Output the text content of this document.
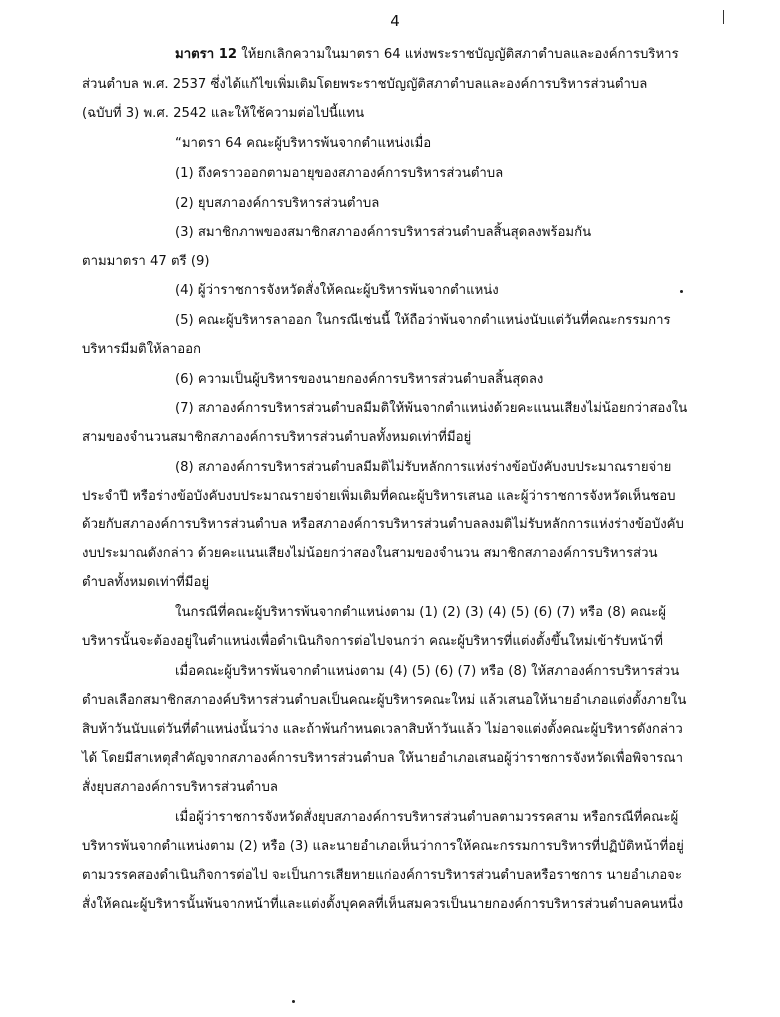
4
มาตรา 12 ให้ยกเลิกความในมาตรา 64 แห่งพระราชบัญญัติสภาตำบลและองค์การบริหาร
ส่วนตำบล พ.ศ. 2537 ซึ่งได้แก้ไขเพิ่มเติมโดยพระราชบัญญัติสภาตำบลและองค์การบริหารส่วนตำบล
(ฉบับที่ 3) พ.ศ. 2542 และให้ใช้ความต่อไปนี้แทน
“มาตรา 64 คณะผู้บริหารพ้นจากตำแหน่งเมื่อ
(1) ถึงคราวออกตามอายุของสภาองค์การบริหารส่วนตำบล
(2) ยุบสภาองค์การบริหารส่วนตำบล
(3) สมาชิกภาพของสมาชิกสภาองค์การบริหารส่วนตำบลสิ้นสุดลงพร้อมกัน
ตามมาตรา 47 ตรี (9)
(4) ผู้ว่าราชการจังหวัดสั่งให้คณะผู้บริหารพ้นจากตำแหน่ง
(5) คณะผู้บริหารลาออก ในกรณีเช่นนี้ ให้ถือว่าพ้นจากตำแหน่งนับแต่วันที่คณะกรรมการ
บริหารมีมติให้ลาออก
(6) ความเป็นผู้บริหารของนายกองค์การบริหารส่วนตำบลสิ้นสุดลง
(7) สภาองค์การบริหารส่วนตำบลมีมติให้พ้นจากตำแหน่งด้วยคะแนนเสียงไม่น้อยกว่าสองใน
สามของจำนวนสมาชิกสภาองค์การบริหารส่วนตำบลทั้งหมดเท่าที่มีอยู่
(8) สภาองค์การบริหารส่วนตำบลมีมติไม่รับหลักการแห่งร่างข้อบังคับงบประมาณรายจ่าย
ประจำปี หรือร่างข้อบังคับงบประมาณรายจ่ายเพิ่มเติมที่คณะผู้บริหารเสนอ และผู้ว่าราชการจังหวัดเห็นชอบ
ด้วยกับสภาองค์การบริหารส่วนตำบล หรือสภาองค์การบริหารส่วนตำบลลงมติไม่รับหลักการแห่งร่างข้อบังคับ
งบประมาณดังกล่าว ด้วยคะแนนเสียงไม่น้อยกว่าสองในสามของจำนวน สมาชิกสภาองค์การบริหารส่วน
ตำบลทั้งหมดเท่าที่มีอยู่
ในกรณีที่คณะผู้บริหารพ้นจากตำแหน่งตาม (1) (2) (3) (4) (5) (6) (7) หรือ (8) คณะผู้
บริหารนั้นจะต้องอยู่ในตำแหน่งเพื่อดำเนินกิจการต่อไปจนกว่า คณะผู้บริหารที่แต่งตั้งขึ้นใหม่เข้ารับหน้าที่
เมื่อคณะผู้บริหารพ้นจากตำแหน่งตาม (4) (5) (6) (7) หรือ (8) ให้สภาองค์การบริหารส่วน
ตำบลเลือกสมาชิกสภาองค์บริหารส่วนตำบลเป็นคณะผู้บริหารคณะใหม่ แล้วเสนอให้นายอำเภอแต่งตั้งภายใน
สิบห้าวันนับแต่วันที่ตำแหน่งนั้นว่าง และถ้าพ้นกำหนดเวลาสิบห้าวันแล้ว ไม่อาจแต่งตั้งคณะผู้บริหารดังกล่าว
ได้ โดยมีสาเหตุสำคัญจากสภาองค์การบริหารส่วนตำบล ให้นายอำเภอเสนอผู้ว่าราชการจังหวัดเพื่อพิจารณา
สั่งยุบสภาองค์การบริหารส่วนตำบล
เมื่อผู้ว่าราชการจังหวัดสั่งยุบสภาองค์การบริหารส่วนตำบลตามวรรคสาม หรือกรณีที่คณะผู้
บริหารพ้นจากตำแหน่งตาม (2) หรือ (3) และนายอำเภอเห็นว่าการให้คณะกรรมการบริหารที่ปฏิบัติหน้าที่อยู่
ตามวรรคสองดำเนินกิจการต่อไป จะเป็นการเสียหายแก่องค์การบริหารส่วนตำบลหรือราชการ นายอำเภอจะ
สั่งให้คณะผู้บริหารนั้นพ้นจากหน้าที่และแต่งตั้งบุคคลที่เห็นสมควรเป็นนายกองค์การบริหารส่วนตำบลคนหนึ่ง
